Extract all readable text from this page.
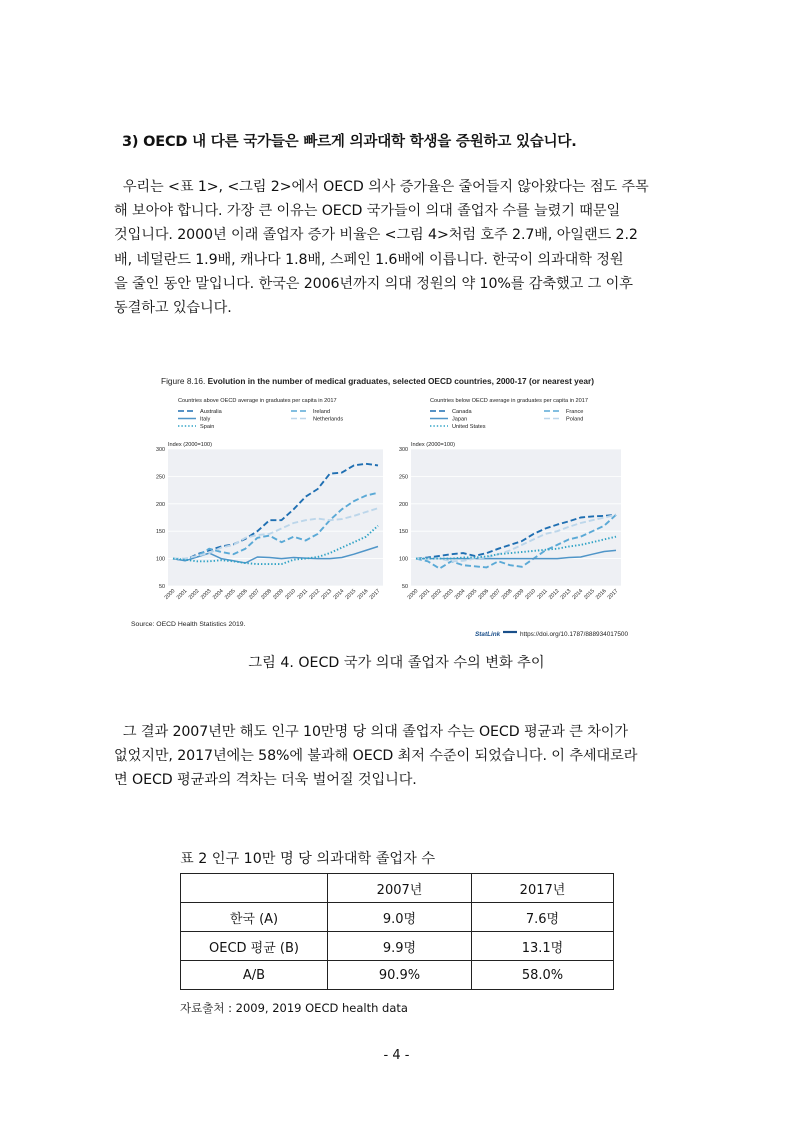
3) OECD 내 다른 국가들은 빠르게 의과대학 학생을 증원하고 있습니다.
우리는 <표 1>, <그림 2>에서 OECD 의사 증가율은 줄어들지 않아왔다는 점도 주목
해 보아야 합니다. 가장 큰 이유는 OECD 국가들이 의대 졸업자 수를 늘렸기 때문일
것입니다. 2000년 이래 졸업자 증가 비율은 <그림 4>처럼 호주 2.7배, 아일랜드 2.2
배, 네덜란드 1.9배, 캐나다 1.8배, 스페인 1.6배에 이릅니다. 한국이 의과대학 정원
을 줄인 동안 말입니다. 한국은 2006년까지 의대 정원의 약 10%를 감축했고 그 이후
동결하고 있습니다.
Figure 8.16. Evolution in the number of medical graduates, selected OECD countries, 2000-17 (or nearest year)
Countries above OECD average in graduates per capita in 2017
Australia	Ireland
Italy	Netherlands
Spain
Index (2000=100)
50
100
150
200
250
300
2000 2001 2002 2003 2004 2005 2006 2007 2008 2009 2010 2011 2012 2013 2014 2015 2016 2017
Countries below OECD average in graduates per capita in 2017
Canada	France
Japan	Poland
United States
Index (2000=100)
50
100
150
200
250
300
2000 2001 2002 2003 2004 2005 2006 2007 2008 2009 2010 2011 2012 2013 2014 2015 2016 2017
Source: OECD Health Statistics 2019.
StatLink	https://doi.org/10.1787/888934017500
그림 4. OECD 국가 의대 졸업자 수의 변화 추이
그 결과 2007년만 해도 인구 10만명 당 의대 졸업자 수는 OECD 평균과 큰 차이가
없었지만, 2017년에는 58%에 불과해 OECD 최저 수준이 되었습니다. 이 추세대로라
면 OECD 평균과의 격차는 더욱 벌어질 것입니다.
표 2 인구 10만 명 당 의과대학 졸업자 수
	2007년	2017년
한국 (A)	9.0명	7.6명
OECD 평균 (B)	9.9명	13.1명
A/B	90.9%	58.0%
자료출처 : 2009, 2019 OECD health data
- 4 -
